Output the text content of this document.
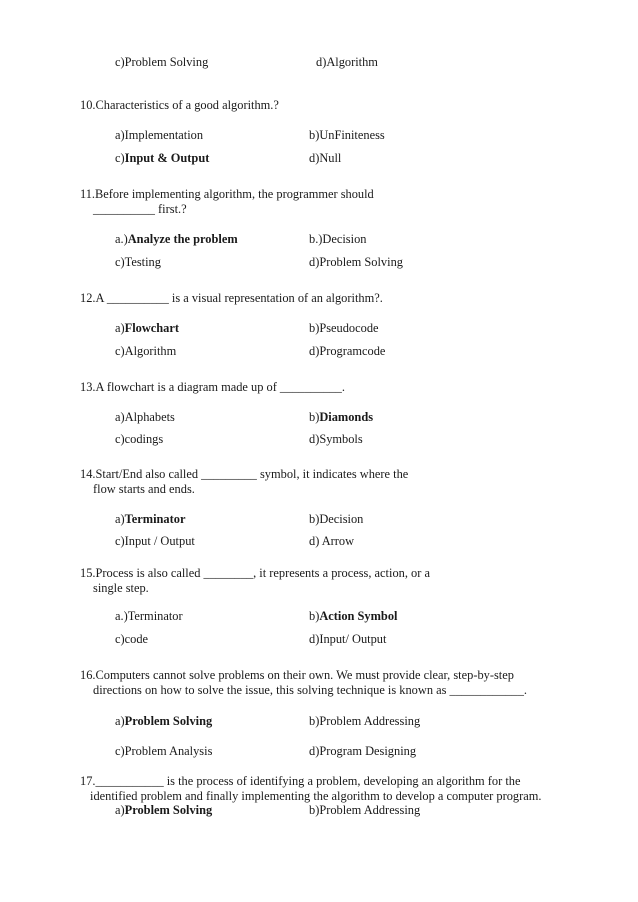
c)Problem Solving	d)Algorithm
10.Characteristics of a good algorithm.?
a)Implementation	b)UnFiniteness
c)Input & Output	d)Null
11.Before implementing algorithm, the programmer should
__________ first.?
a.)Analyze the problem	b.)Decision
c)Testing	d)Problem Solving
12.A __________ is a visual representation of an algorithm?.
a)Flowchart	b)Pseudocode
c)Algorithm	d)Programcode
13.A flowchart is a diagram made up of __________.
a)Alphabets	b)Diamonds
c)codings	d)Symbols
14.Start/End also called _________ symbol, it indicates where the
flow starts and ends.
a)Terminator	b)Decision
c)Input / Output	d) Arrow
15.Process is also called ________, it represents a process, action, or a
single step.
a.)Terminator	b)Action Symbol
c)code	d)Input/ Output
16.Computers cannot solve problems on their own. We must provide clear, step-by-step
directions on how to solve the issue, this solving technique is known as ____________.
a)Problem Solving	b)Problem Addressing
c)Problem Analysis	d)Program Designing
17.___________ is the process of identifying a problem, developing an algorithm for the
identified problem and finally implementing the algorithm to develop a computer program.
a)Problem Solving	b)Problem Addressing
